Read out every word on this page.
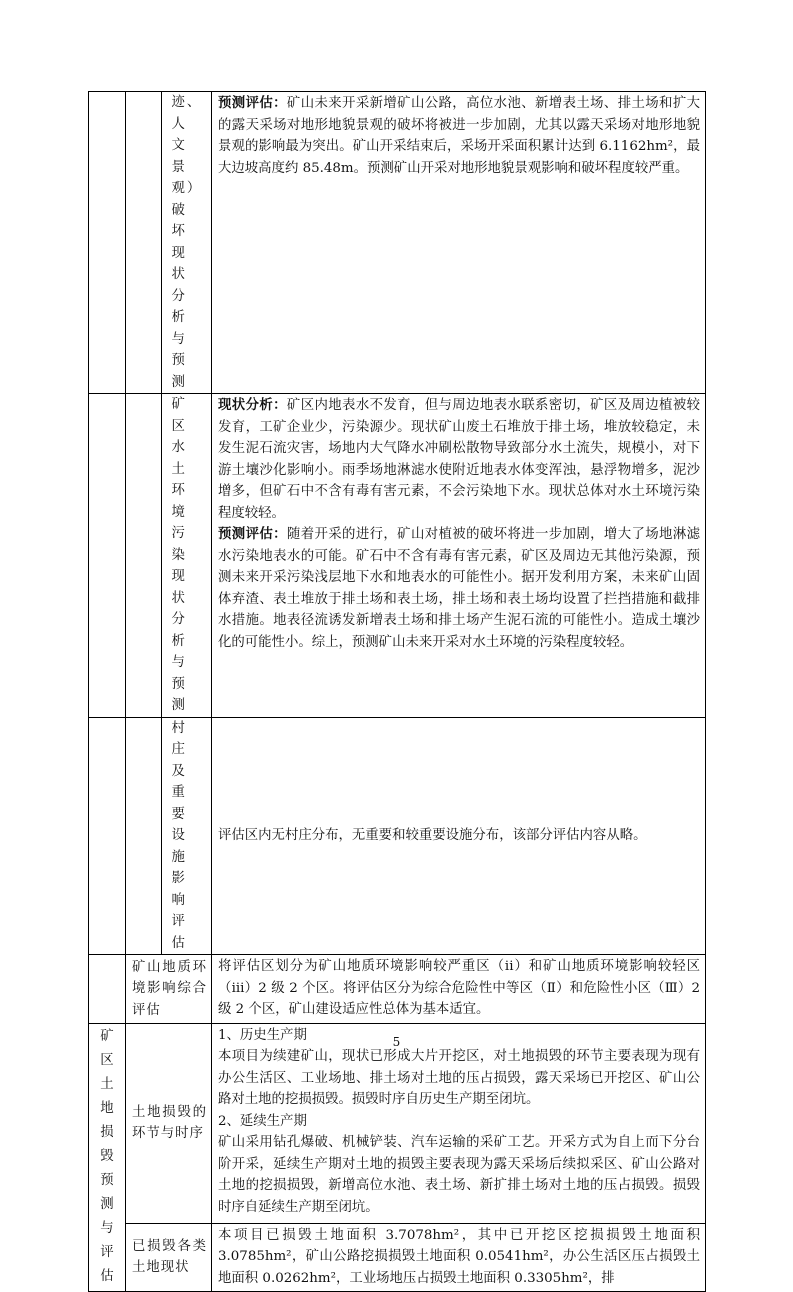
		迹、人文景观）破坏现状分析与预测	预测评估：矿山未来开采新增矿山公路，高位水池、新增表土场、排土场和扩大的露天采场对地形地貌景观的破坏将被进一步加剧，尤其以露天采场对地形地貌景观的影响最为突出。矿山开采结束后，采场开采面积累计达到 6.1162hm²，最大边坡高度约 85.48m。预测矿山开采对地形地貌景观影响和破坏程度较严重。
		矿区水土环境污染现状分析与预测	现状分析：矿区内地表水不发育，但与周边地表水联系密切，矿区及周边植被较发育，工矿企业少，污染源少。现状矿山废土石堆放于排土场，堆放较稳定，未发生泥石流灾害，场地内大气降水冲刷松散物导致部分水土流失，规模小，对下游土壤沙化影响小。雨季场地淋滤水使附近地表水体变浑浊，悬浮物增多，泥沙增多，但矿石中不含有毒有害元素，不会污染地下水。现状总体对水土环境污染程度较轻。
预测评估：随着开采的进行，矿山对植被的破坏将进一步加剧，增大了场地淋滤水污染地表水的可能。矿石中不含有毒有害元素，矿区及周边无其他污染源，预测未来开采污染浅层地下水和地表水的可能性小。据开发利用方案，未来矿山固体弃渣、表土堆放于排土场和表土场，排土场和表土场均设置了拦挡措施和截排水措施。地表径流诱发新增表土场和排土场产生泥石流的可能性小。造成土壤沙化的可能性小。综上，预测矿山未来开采对水土环境的污染程度较轻。
		村庄及重要设施影响评估	评估区内无村庄分布，无重要和较重要设施分布，该部分评估内容从略。
	矿山地质环境影响综合评估		将评估区划分为矿山地质环境影响较严重区（ii）和矿山地质环境影响较轻区（iii）2 级 2 个区。将评估区分为综合危险性中等区（Ⅱ）和危险性小区（Ⅲ）2 级 2 个区，矿山建设适应性总体为基本适宜。
矿区土地损毁预测与评估	土地损毁的环节与时序		1、历史生产期
本项目为续建矿山，现状已形成大片开挖区，对土地损毁的环节主要表现为现有办公生活区、工业场地、排土场对土地的压占损毁，露天采场已开挖区、矿山公路对土地的挖损损毁。损毁时序自历史生产期至闭坑。
2、延续生产期
矿山采用钻孔爆破、机械铲装、汽车运输的采矿工艺。开采方式为自上而下分台阶开采，延续生产期对土地的损毁主要表现为露天采场后续拟采区、矿山公路对土地的挖损损毁，新增高位水池、表土场、新扩排土场对土地的压占损毁。损毁时序自延续生产期至闭坑。

	已损毁各类土地现状		本项目已损毁土地面积 3.7078hm²，其中已开挖区挖损损毁土地面积 3.0785hm²，矿山公路挖损损毁土地面积 0.0541hm²，办公生活区压占损毁土地面积 0.0262hm²，工业场地压占损毁土地面积 0.3305hm²，排
5
